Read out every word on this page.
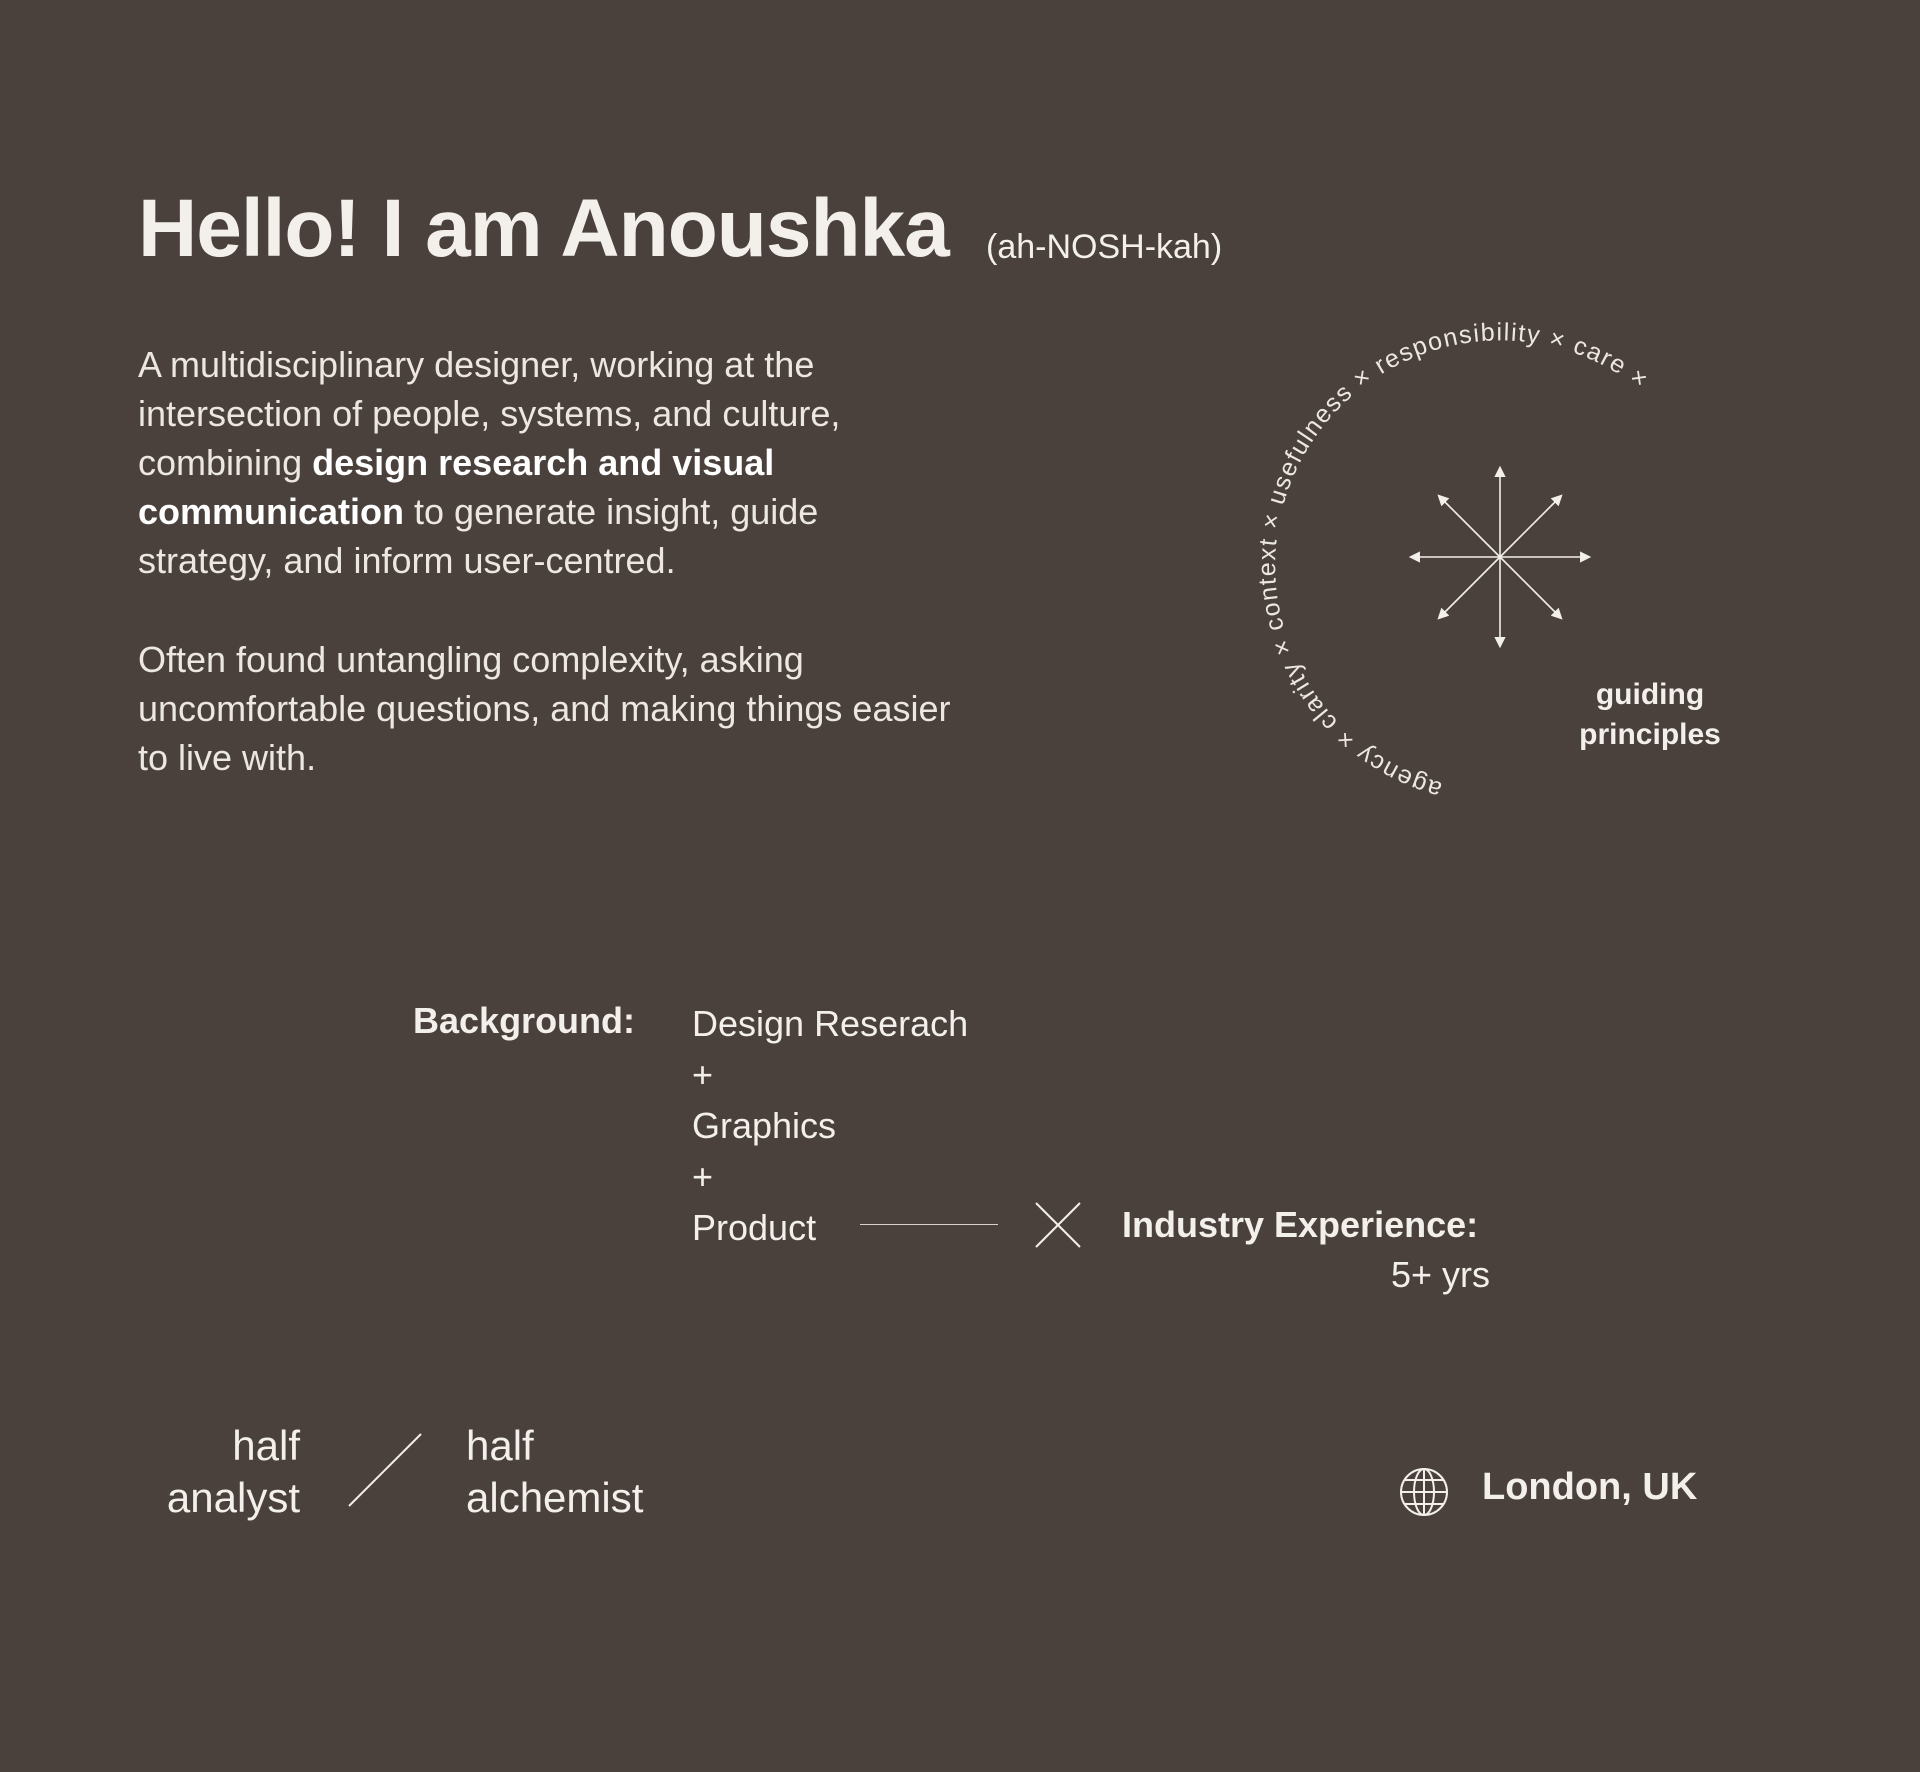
Hello! I am Anoushka (ah-NOSH-kah)
A multidisciplinary designer, working at the intersection of people, systems, and culture, combining design research and visual communication to generate insight, guide strategy, and inform user-centred.
Often found untangling complexity, asking uncomfortable questions, and making things easier to live with.
agency × clarity × context × usefulness × responsibility × care ×
guiding
principles
Background: Design Reserach
+
Graphics
+
Product	Industry Experience:
5+ yrs
half
analyst
half
alchemist	London, UK
